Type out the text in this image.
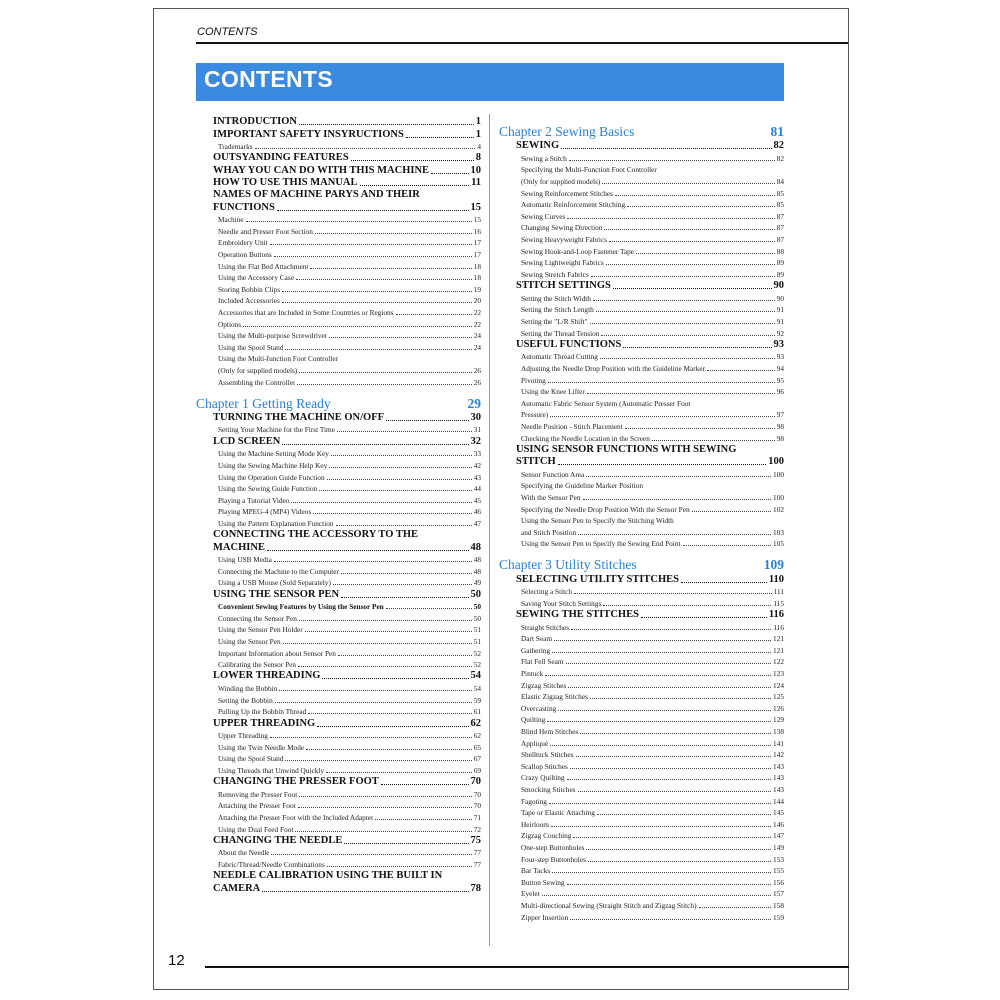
CONTENTS
CONTENTS
INTRODUCTION	1
IMPORTANT SAFETY INSYRUCTIONS	1
Trademarks	4
OUTSYANDING FEATURES	8
WHAY YOU CAN DO WITH THIS MACHINE	10
HOW TO USE THIS MANUAL	11
NAMES OF MACHINE PARYS AND THEIR
FUNCTIONS	15
Machine	15
Needle and Presser Foot Section	16
Embroidery Unit	17
Operation Buttons	17
Using the Flat Bed Attachment	18
Using the Accessory Case	18
Storing Bobbin Clips	19
Included Accessories	20
Accessories that are Included in Some Countries or Regions	22
Options	22
Using the Multi-purpose Screwdriver	24
Using the Spool Stand	24
Using the Multi-function Foot Controller
(Only for supplied models)	26
Assembling the Controller	26
Chapter 1 Getting Ready	29
TURNING THE MACHINE ON/OFF	30
Setting Your Machine for the First Time	31
LCD SCREEN	32
Using the Machine Setting Mode Key	33
Using the Sewing Machine Help Key	42
Using the Operation Guide Function	43
Using the Sewing Guide Function	44
Playing a Tutorial Video	45
Playing MPEG-4 (MP4) Videos	46
Using the Pattern Explanation Function	47
CONNECTING THE ACCESSORY TO THE
MACHINE	48
Using USB Media	48
Connecting the Machine to the Computer	48
Using a USB Mouse (Sold Separately)	49
USING THE SENSOR PEN	50
Convenient Sewing Features by Using the Sensor Pen	50
Connecting the Sensor Pen	50
Using the Sensor Pen Holder	51
Using the Sensor Pen	51
Important Information about Sensor Pen	52
Calibrating the Sensor Pen	52
LOWER THREADING	54
Winding the Bobbin	54
Setting the Bobbin	59
Pulling Up the Bobbin Thread	61
UPPER THREADING	62
Upper Threading	62
Using the Twin Needle Mode	65
Using the Spool Stand	67
Using Threads that Unwind Quickly	69
CHANGING THE PRESSER FOOT	70
Removing the Presser Foot	70
Attaching the Presser Foot	70
Attaching the Presser Foot with the Included Adapter	71
Using the Dual Feed Foot	72
CHANGING THE NEEDLE	75
About the Needle	77
Fabric/Thread/Needle Combinations	77
NEEDLE CALIBRATION USING THE BUILT IN
CAMERA	78
Chapter 2 Sewing Basics	81
SEWING	82
Sewing a Stitch	82
Specifying the Multi-Function Foot Controller
(Only for supplied models)	84
Sewing Reinforcement Stitches	85
Automatic Reinforcement Stitching	85
Sewing Curves	87
Changing Sewing Direction	87
Sewing Heavyweight Fabrics	87
Sewing Hook-and-Loop Fastener Tape	88
Sewing Lightweight Fabrics	89
Sewing Stretch Fabrics	89
STITCH SETTINGS	90
Setting the Stitch Width	90
Setting the Stitch Length	91
Setting the "L/R Shift"	91
Setting the Thread Tension	92
USEFUL FUNCTIONS	93
Automatic Thread Cutting	93
Adjusting the Needle Drop Position with the Guideline Marker	94
Pivoting	95
Using the Knee Lifter	96
Automatic Fabric Sensor System (Automatic Presser Foot
Pressure)	97
Needle Position - Stitch Placement	98
Checking the Needle Location in the Screen	98
USING SENSOR FUNCTIONS WITH SEWING
STITCH	100
Sensor Function Area	100
Specifying the Guideline Marker Position
With the Sensor Pen	100
Specifying the Needle Drop Position With the Sensor Pen	102
Using the Sensor Pen to Specify the Stitching Width
and Stitch Position	103
Using the Sensor Pen to Specify the Sewing End Point	105
Chapter 3 Utility Stitches	109
SELECTING UTILITY STITCHES	110
Selecting a Stitch	111
Saving Your Stitch Settings	115
SEWING THE STITCHES	116
Straight Stitches	116
Dart Seam	121
Gathering	121
Flat Fell Seam	122
Pintuck	123
Zigzag Stitches	124
Elastic Zigzag Stitches	125
Overcasting	126
Quilting	129
Blind Hem Stitches	138
Appliqué	141
Shelltuck Stitches	142
Scallop Stitches	143
Crazy Quilting	143
Smocking Stitches	143
Fagoting	144
Tape or Elastic Attaching	145
Heirloom	146
Zigzag Couching	147
One-step Buttonholes	149
Four-step Buttonholes	153
Bar Tacks	155
Button Sewing	156
Eyelet	157
Multi-directional Sewing (Straight Stitch and Zigzag Stitch)	158
Zipper Insertion	159
12
